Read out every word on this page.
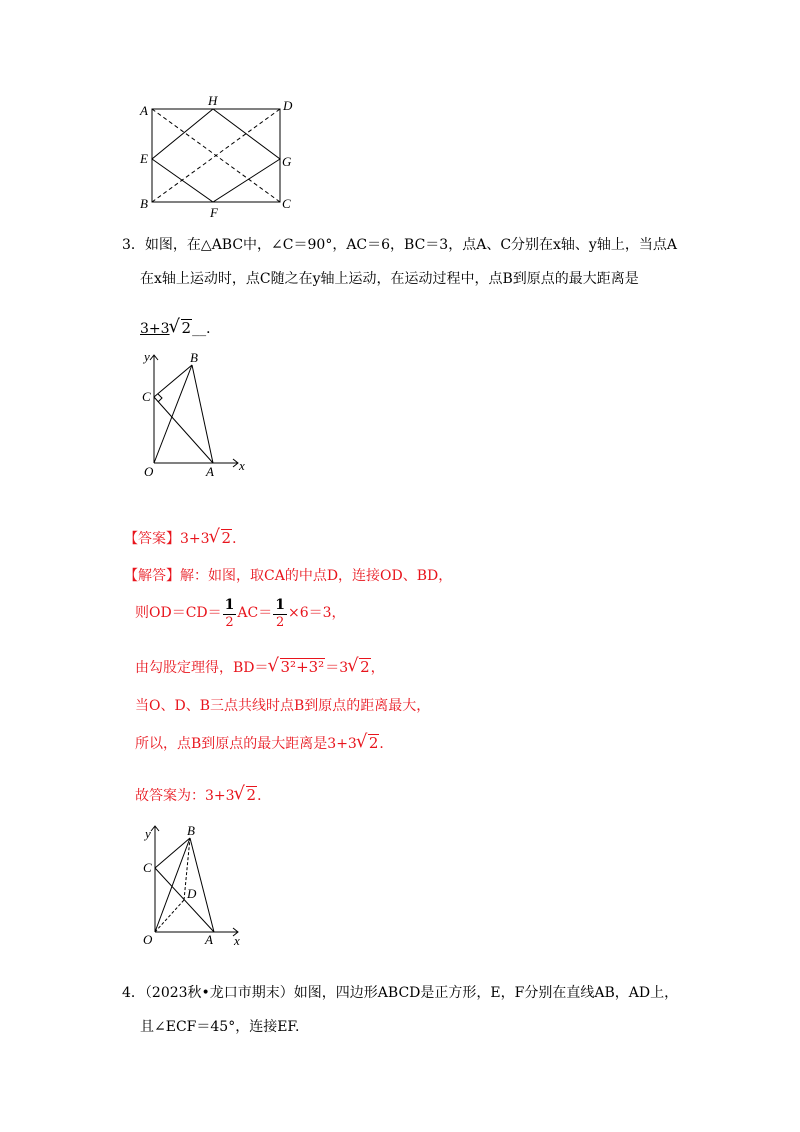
A
H	D
E	G
B
F
C
3．如图，在△ABC中，∠C＝90°，AC＝6，BC＝3，点A、C分别在x轴、y轴上，当点A
在x轴上运动时，点C随之在y轴上运动，在运动过程中，点B到原点的最大距离是
3+3 √ 2__．
y	B
C
O	A x
【答案】3+3 √ 2．
【解答】解：如图，取CA的中点D，连接OD、BD，
则$OD=CD= \frac{1}{2} AC= \frac{1}{2} \times 6=3$，
由勾股定理得，BD＝ √ 3²+3²＝3 √ 2，
当O、D、B三点共线时点B到原点的距离最大，
所以，点B到原点的最大距离是3+3 √ 2．
故答案为：3+3 √ 2．
y	B
C
D
O	A x
4．（2023秋•龙口市期末）如图，四边形ABCD是正方形，E，F分别在直线AB，AD上，
且∠ECF＝45°，连接EF.
